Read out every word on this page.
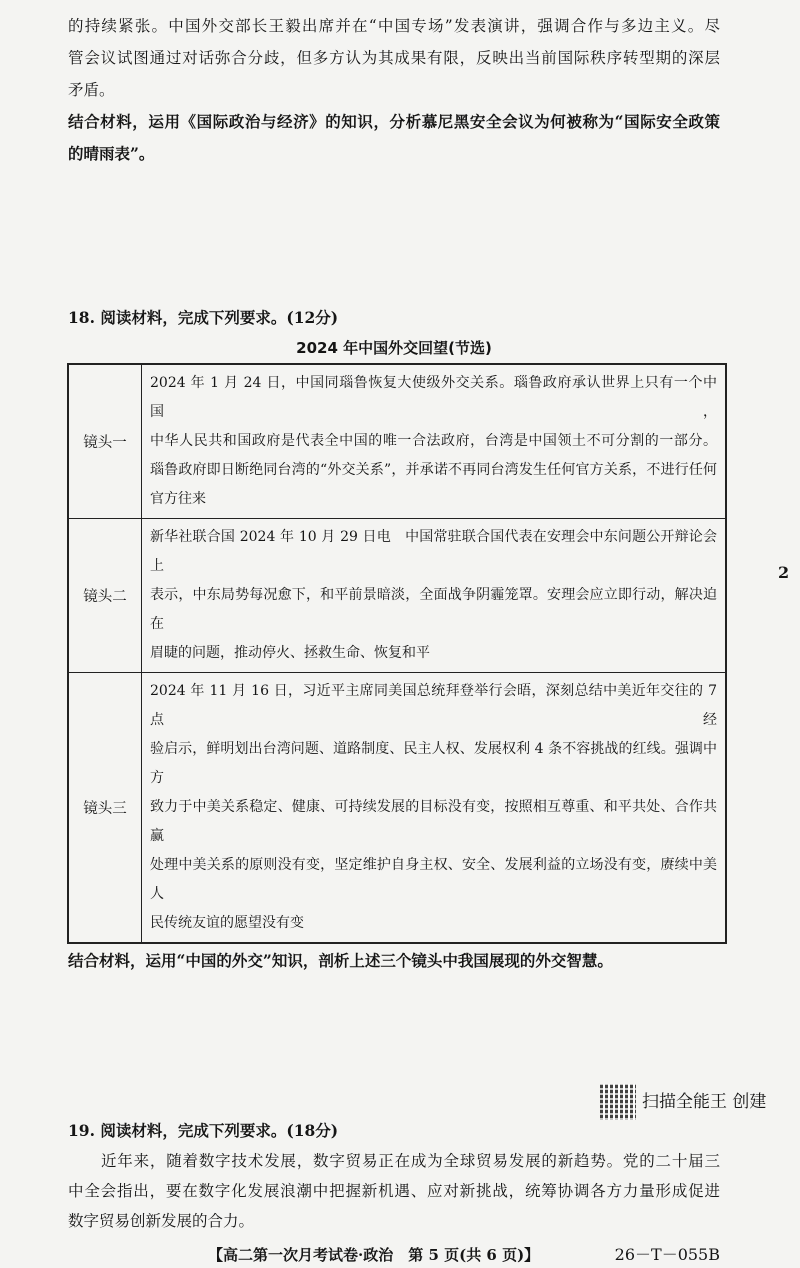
的持续紧张。中国外交部长王毅出席并在“中国专场”发表演讲，强调合作与多边主义。尽
管会议试图通过对话弥合分歧，但多方认为其成果有限，反映出当前国际秩序转型期的深层
矛盾。
结合材料，运用《国际政治与经济》的知识，分析慕尼黑安全会议为何被称为“国际安全政策
的晴雨表”。
18. 阅读材料，完成下列要求。(12分)
2024 年中国外交回望(节选)
镜头一
2024 年 1 月 24 日，中国同瑙鲁恢复大使级外交关系。瑙鲁政府承认世界上只有一个中国，
中华人民共和国政府是代表全中国的唯一合法政府，台湾是中国领土不可分割的一部分。
瑙鲁政府即日断绝同台湾的“外交关系”，并承诺不再同台湾发生任何官方关系，不进行任何
官方往来
镜头二
新华社联合国 2024 年 10 月 29 日电　中国常驻联合国代表在安理会中东问题公开辩论会上
表示，中东局势每况愈下，和平前景暗淡，全面战争阴霾笼罩。安理会应立即行动，解决迫在
眉睫的问题，推动停火、拯救生命、恢复和平
镜头三
2024 年 11 月 16 日，习近平主席同美国总统拜登举行会晤，深刻总结中美近年交往的 7 点经
验启示，鲜明划出台湾问题、道路制度、民主人权、发展权利 4 条不容挑战的红线。强调中方
致力于中美关系稳定、健康、可持续发展的目标没有变，按照相互尊重、和平共处、合作共赢
处理中美关系的原则没有变，坚定维护自身主权、安全、发展利益的立场没有变，赓续中美人
民传统友谊的愿望没有变
结合材料，运用“中国的外交”知识，剖析上述三个镜头中我国展现的外交智慧。
19. 阅读材料，完成下列要求。(18分)
近年来，随着数字技术发展，数字贸易正在成为全球贸易发展的新趋势。党的二十届三
中全会指出，要在数字化发展浪潮中把握新机遇、应对新挑战，统筹协调各方力量形成促进
数字贸易创新发展的合力。
【高二第一次月考试卷·政治　第 5 页(共 6 页)】	26－T－055B
2
扫描全能王 创建
